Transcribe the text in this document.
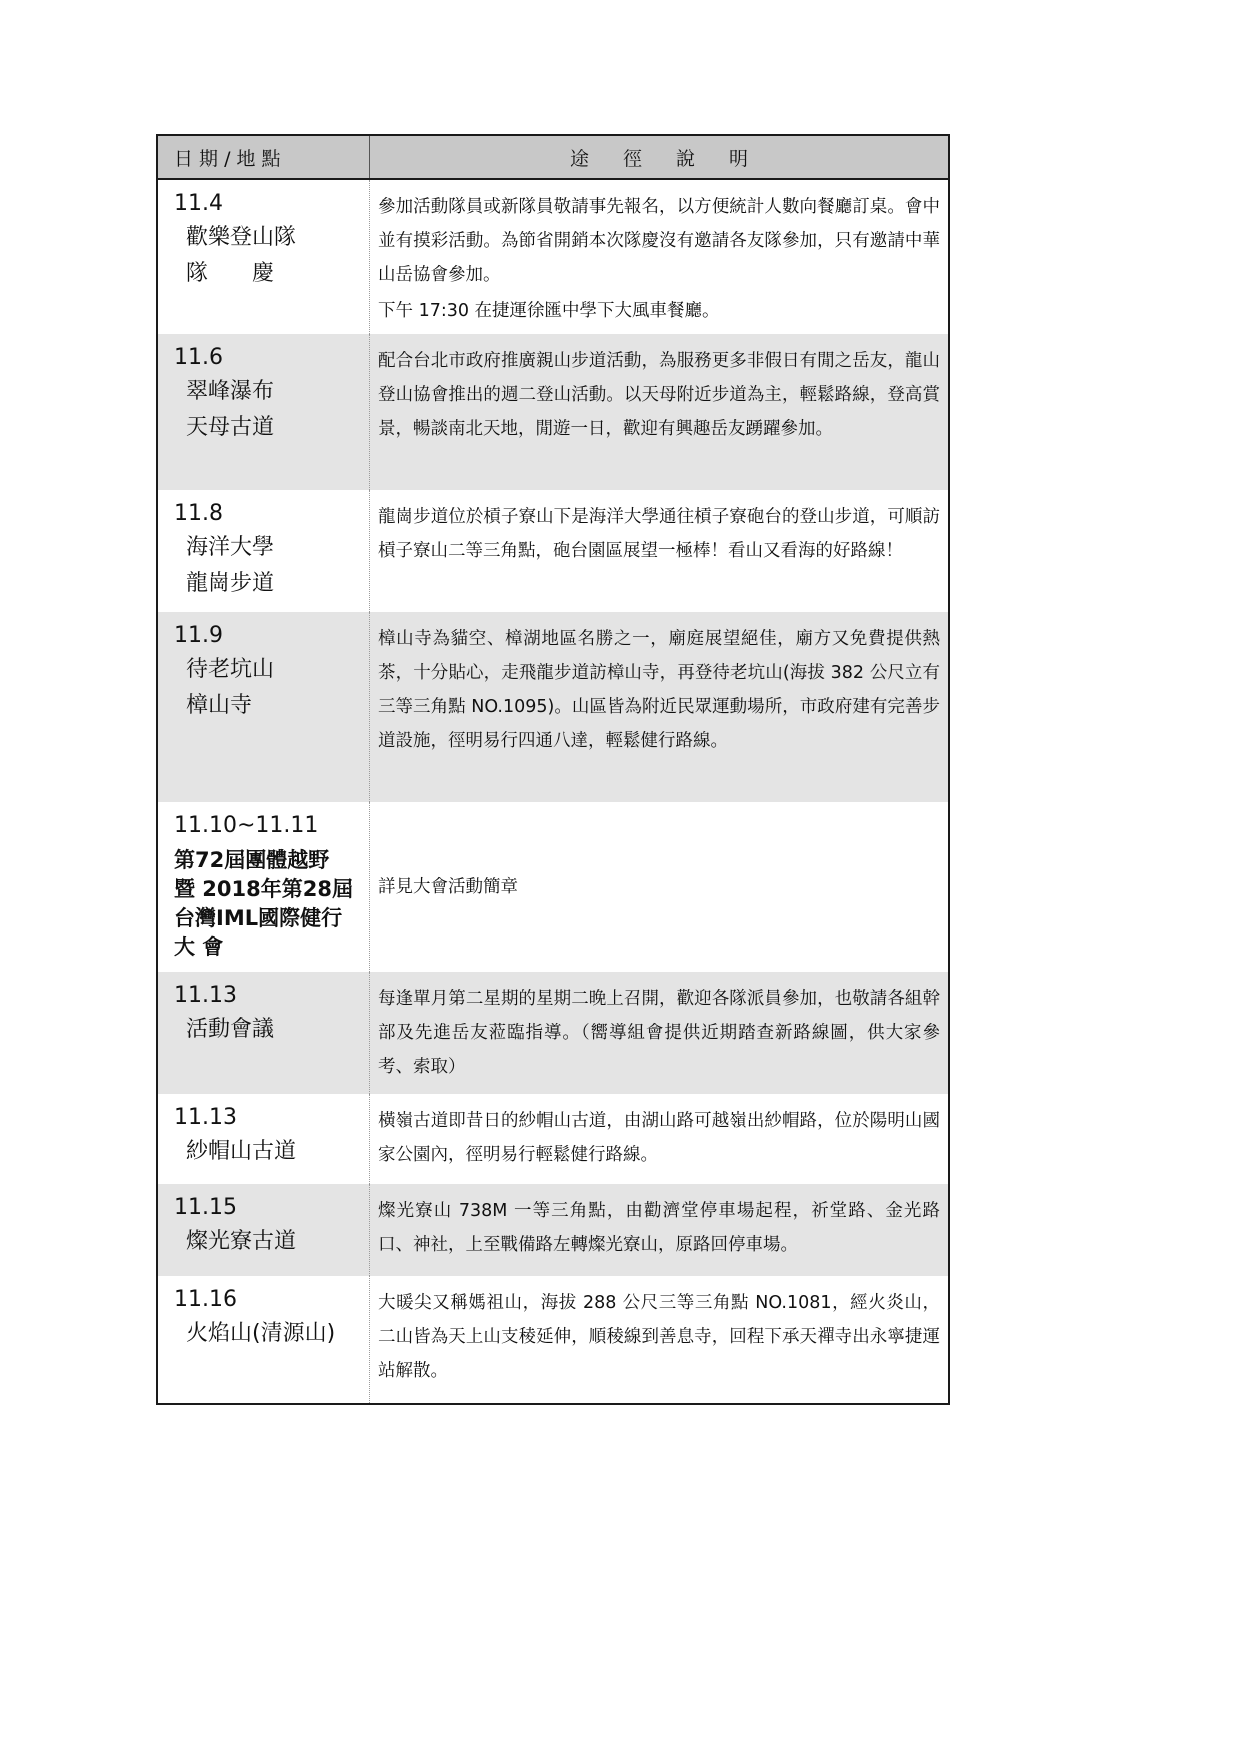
日 期 / 地 點	途 徑 說 明
11.4
歡樂登山隊
隊　　慶

參加活動隊員或新隊員敬請事先報名，以方便統計人數向餐廳訂桌。會中並有摸彩活動。為節省開銷本次隊慶沒有邀請各友隊參加，只有邀請中華山岳協會參加。

下午 17:30 在捷運徐匯中學下大風車餐廳。

11.6
翠峰瀑布
天母古道

配合台北市政府推廣親山步道活動，為服務更多非假日有閒之岳友，龍山登山協會推出的週二登山活動。以天母附近步道為主，輕鬆路線，登高賞景，暢談南北天地，閒遊一日，歡迎有興趣岳友踴躍參加。

11.8
海洋大學
龍崗步道

龍崗步道位於槓子寮山下是海洋大學通往槓子寮砲台的登山步道，可順訪槓子寮山二等三角點，砲台園區展望一極棒！看山又看海的好路線！

11.9
待老坑山
樟山寺

樟山寺為貓空、樟湖地區名勝之一，廟庭展望絕佳，廟方又免費提供熱茶，十分貼心，走飛龍步道訪樟山寺，再登待老坑山(海拔 382 公尺立有三等三角點 NO.1095)。山區皆為附近民眾運動場所，市政府建有完善步道設施，徑明易行四通八達，輕鬆健行路線。

11.10~11.11
第72屆團體越野
暨 2018年第28屆
台灣IML國際健行
大 會

詳見大會活動簡章

11.13
活動會議

每逢單月第二星期的星期二晚上召開，歡迎各隊派員參加，也敬請各組幹部及先進岳友蒞臨指導。（嚮導組會提供近期踏查新路線圖，供大家參考、索取）

11.13
紗帽山古道

橫嶺古道即昔日的紗帽山古道，由湖山路可越嶺出紗帽路，位於陽明山國家公園內，徑明易行輕鬆健行路線。

11.15
燦光寮古道

燦光寮山 738M 一等三角點，由勸濟堂停車場起程，祈堂路、金光路口、神社，上至戰備路左轉燦光寮山，原路回停車場。

11.16
火焰山(清源山)

大暖尖又稱媽祖山，海拔 288 公尺三等三角點 NO.1081，經火炎山，二山皆為天上山支稜延伸，順稜線到善息寺，回程下承天禪寺出永寧捷運站解散。
